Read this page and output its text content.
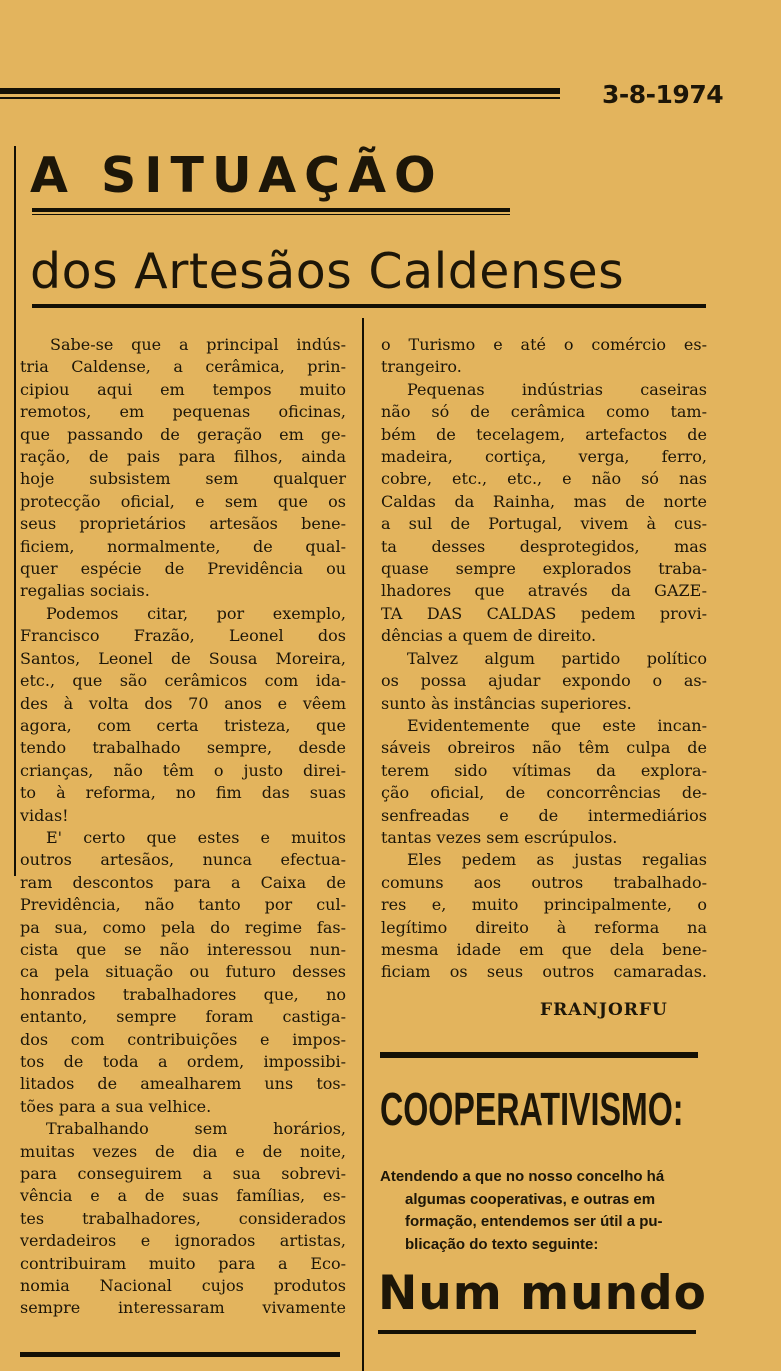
3-8-1974
A SITUAÇÃO
dos Artesãos Caldenses

Sabe-se que a principal indús-

tria Caldense, a cerâmica, prin-

cipiou aqui em tempos muito

remotos, em pequenas oficinas,

que passando de geração em ge-

ração, de pais para filhos, ainda

hoje subsistem sem qualquer

protecção oficial, e sem que os

seus proprietários artesãos bene-

ficiem, normalmente, de qual-

quer espécie de Previdência ou

regalias sociais.

Podemos citar, por exemplo,

Francisco Frazão, Leonel dos

Santos, Leonel de Sousa Moreira,

etc., que são cerâmicos com ida-

des à volta dos 70 anos e vêem

agora, com certa tristeza, que

tendo trabalhado sempre, desde

crianças, não têm o justo direi-

to à reforma, no fim das suas

vidas!

E' certo que estes e muitos

outros artesãos, nunca efectua-

ram descontos para a Caixa de

Previdência, não tanto por cul-

pa sua, como pela do regime fas-

cista que se não interessou nun-

ca pela situação ou futuro desses

honrados trabalhadores que, no

entanto, sempre foram castiga-

dos com contribuições e impos-

tos de toda a ordem, impossibi-

litados de amealharem uns tos-

tões para a sua velhice.

Trabalhando sem horários,

muitas vezes de dia e de noite,

para conseguirem a sua sobrevi-

vência e a de suas famílias, es-

tes trabalhadores, considerados

verdadeiros e ignorados artistas,

contribuiram muito para a Eco-

nomia Nacional cujos produtos

sempre interessaram vivamente

o Turismo e até o comércio es-

trangeiro.

Pequenas indústrias caseiras

não só de cerâmica como tam-

bém de tecelagem, artefactos de

madeira, cortiça, verga, ferro,

cobre, etc., etc., e não só nas

Caldas da Rainha, mas de norte

a sul de Portugal, vivem à cus-

ta desses desprotegidos, mas

quase sempre explorados traba-

lhadores que através da GAZE-

TA DAS CALDAS pedem provi-

dências a quem de direito.

Talvez algum partido político

os possa ajudar expondo o as-

sunto às instâncias superiores.

Evidentemente que este incan-

sáveis obreiros não têm culpa de

terem sido vítimas da explora-

ção oficial, de concorrências de-

senfreadas e de intermediários

tantas vezes sem escrúpulos.

Eles pedem as justas regalias

comuns aos outros trabalhado-

res e, muito principalmente, o

legítimo direito à reforma na

mesma idade em que dela bene-

ficiam os seus outros camaradas.

FRANJORFU
COOPERATIVISMO:

Atendendo a que no nosso concelho há

algumas cooperativas, e outras em

formação, entendemos ser útil a pu-

blicação do texto seguinte:

Num mundo
